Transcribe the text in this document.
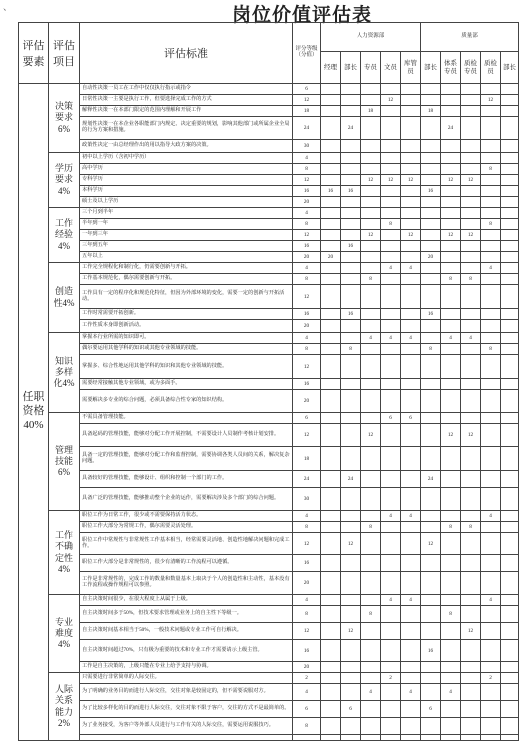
、	岗位价值评估表
评估要素	评估项目	评估标准	评分等级（分值）	人力资源部					质量部				
				经理	部长	专员	文员	库管员	部长	体系专员	质检专员	质检员	部长

任职资格40%	决策要求6%	自动性决策一员工在工作中仅仅执行指示或指令	6										
		日常性决策一主要是执行工作，但要选择完成工作的方式	12				12					12	
		解释性决策一在本部门限定的范围内理解和开展工作	18			18			18				
		规划性决策一在本企业各职能部门内规定、决定重要的规划，影响其他部门或所属企业全局的行为方案和措施。	24		24					24			
		政策性决定一由总经理作出的用以指导大政方案的决策。	30										

	学历要求4%	初中以上学历（含初中学历）	4										
		高中学历	8									8	
		专科学历	12			12	12	12		12	12		
		本科学历	16	16	16				16				
		硕士及以上学历	20										

	工作经验4%	三个月到半年	4										
		半年到一年	8				8					8	
		一年到三年	12			12		12		12	12		
		三年到五年	16		16								
		五年以上	20	20					20				

	创造性4%	工作完全规程化和制行化，仍需要创新与开拓。	4				4	4				4	
		工作基本规范化，偶尔需要创新与开拓。	8			8				8	8		
		工作具有一定的程序化和规范化特征，但因为外部环境的变化，需要一定的创新与开拓活动。	12										
		工作时常需要开拓创新。	16		16				16				
		工作性质本身即创新活动。	20										

	知识多样化4%	掌握本行业所需的知识即可。	4			4	4	4		4	4		
		偶尔要运用其他学科的知识或其他专业领域的技能。	8		8				8			8	
		掌握多、综合性地运用其他学科的知识和其他专业领域的技能。	12										
		需要经常接触其他专业领域，或为多面手。	16										
		需要解决多专业的综合问题，必须具备综合性专家的知识结构。	20										

	管理技能6%	不需具备管理技能。	6				6	6					
		具备起码的管理技能，能够对分配工作开展控制，不需要设计人员制作考核计划安排。	12			12				12	12		
		具备一定的管理技能，能够对分配工作和监督控制，需要协调各类人员间的关系，解决复杂问题。	18										
		具备较好的管理技能，能够设计、组织和控制一个部门的工作。	24		24				24				
		具备广泛的管理技能，能够推动整个企业的运作，需要解决涉及多个部门的综合问题。	30										

	工作不确定性4%	职位工作为日常工作，很少或不需要保持活力状态。	4				4	4				4	
		职位工作大部分为常规工作，偶尔需要灵活处理。	8			8				8	8		
		职位工作中常规性与非常规性工作基本相当，经常需要灵活地、创造性地解决问题和完成工作。	12		12				12				
		职位工作大部分是非常规性的，很少有清晰的工作流程可以遵循。	16										
		工作是非常规性的，完成工作的数量和数量基本上取决于个人的创造性和主动性，基本没有工作流程或操作规程可以参照。	20										

	专业难度4%	自主决策时间很少，在很大程度上从属于上级。	4				4	4				4	
		自主决策时间多于50%，但技术要求管理或业务上的自主性下等级一。	8			8				8			
		自主决策时间基本相当于50%，一般技术问题或专业工作可自行解决。	12		12						12		
		自主决策时间超过70%，只有极为重要的技术和专业工作才需要请示上级主管。	16						16				
		工作是自主决策的，上级只能在专业上给予支持与协调。	20										

	人际关系能力2%	只需要进行非常简单的人际交往。	2				2					2	
		为了明确的业务目的而进行人际交往，交往对象是较固定的，但不需要说服对方。	4			4		4		4			
		为了比较多样化的目的而进行人际交往，交往对象不限于客户，交往的方式不是最简单的。	6		6				6				
		为了业务接受，为客户等外部人员进行与工作有关的人际交往，需要运用说服技巧。	8										
